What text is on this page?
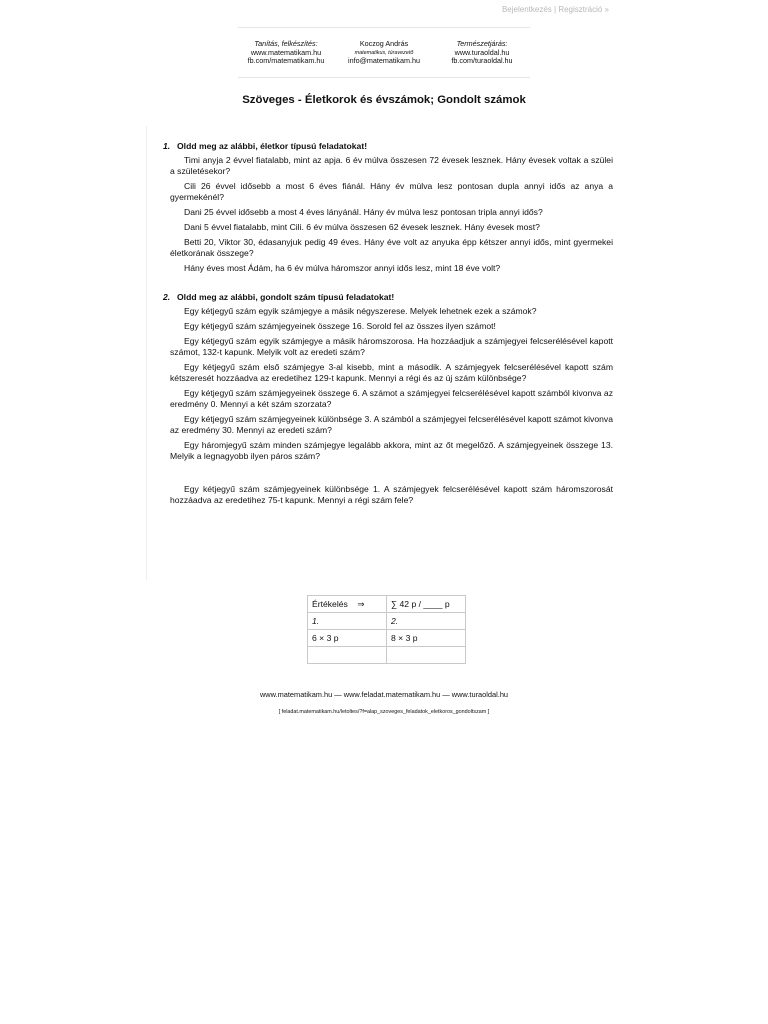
Bejelentkezés | Regisztráció »
Tanítás, felkészítés:
www.matematikam.hu
fb.com/matematikam.hu
Koczog András
matematikus, túravezető
info@matematikam.hu
Természetjárás:
www.turaoldal.hu
fb.com/turaoldal.hu
Szöveges - Életkorok és évszámok; Gondolt számok
1. Oldd meg az alábbi, életkor típusú feladatokat!

Timi anyja 2 évvel fiatalabb, mint az apja. 6 év múlva összesen 72 évesek lesznek. Hány évesek voltak a szülei a születésekor?

Cili 26 évvel idősebb a most 6 éves fiánál. Hány év múlva lesz pontosan dupla annyi idős az anya a gyermekénél?

Dani 25 évvel idősebb a most 4 éves lányánál. Hány év múlva lesz pontosan tripla annyi idős?

Dani 5 évvel fiatalabb, mint Cili. 6 év múlva összesen 62 évesek lesznek. Hány évesek most?

Betti 20, Viktor 30, édasanyjuk pedig 49 éves. Hány éve volt az anyuka épp kétszer annyi idős, mint gyermekei életkorának összege?

Hány éves most Ádám, ha 6 év múlva háromszor annyi idős lesz, mint 18 éve volt?

2. Oldd meg az alábbi, gondolt szám típusú feladatokat!

Egy kétjegyű szám egyik számjegye a másik négyszerese. Melyek lehetnek ezek a számok?

Egy kétjegyű szám számjegyeinek összege 16. Sorold fel az összes ilyen számot!

Egy kétjegyű szám egyik számjegye a másik háromszorosa. Ha hozzáadjuk a számjegyei felcserélésével kapott számot, 132-t kapunk. Melyik volt az eredeti szám?

Egy kétjegyű szám első számjegye 3-al kisebb, mint a második. A számjegyek felcserélésével kapott szám kétszeresét hozzáadva az eredetihez 129-t kapunk. Mennyi a régi és az új szám különbsége?

Egy kétjegyű szám számjegyeinek összege 6. A számot a számjegyei felcserélésével kapott számból kivonva az eredmény 0. Mennyi a két szám szorzata?

Egy kétjegyű szám számjegyeinek különbsége 3. A számból a számjegyei felcserélésével kapott számot kivonva az eredmény 30. Mennyi az eredeti szám?

Egy háromjegyű szám minden számjegye legalább akkora, mint az őt megelőző. A számjegyeinek összege 13. Melyik a legnagyobb ilyen páros szám?

Egy kétjegyű szám számjegyeinek különbsége 1. A számjegyek felcserélésével kapott szám háromszorosát hozzáadva az eredetihez 75-t kapunk. Mennyi a régi szám fele?

Értékelés ⇒	∑ 42 p / ____ p
1.	2.
6 × 3 p	8 × 3 p

www.matematikam.hu — www.feladat.matematikam.hu — www.turaoldal.hu
[ feladat.matematikam.hu/letoltes/?f=alap_szoveges_feladatok_eletkoros_gondoltszam ]
